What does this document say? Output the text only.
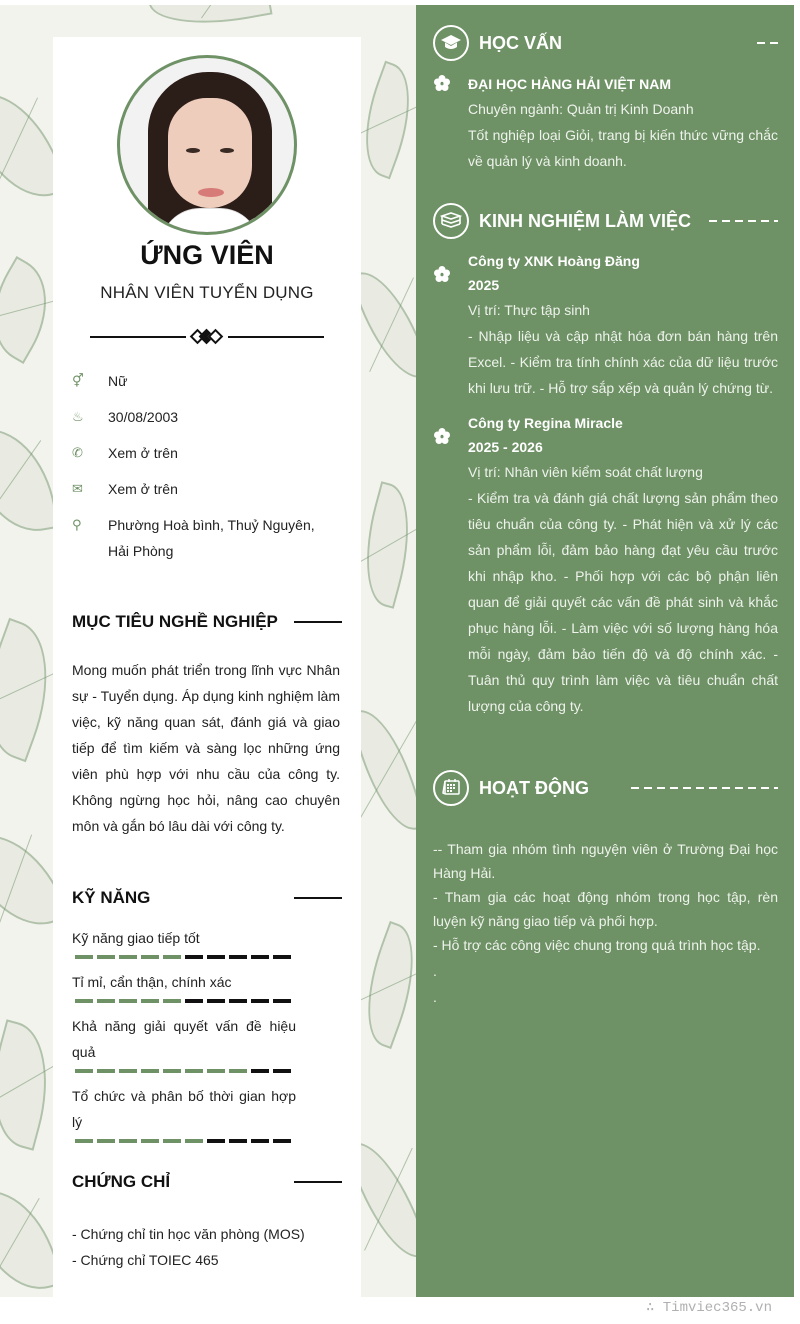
HỌC VẤN
ĐẠI HỌC HÀNG HẢI VIỆT NAM
Chuyên ngành: Quản trị Kinh Doanh
Tốt nghiệp loại Giỏi, trang bị kiến thức vững chắc về quản lý và kinh doanh.
KINH NGHIỆM LÀM VIỆC
Công ty XNK Hoàng Đăng
2025
Vị trí: Thực tập sinh
- Nhập liệu và cập nhật hóa đơn bán hàng trên Excel. - Kiểm tra tính chính xác của dữ liệu trước khi lưu trữ. - Hỗ trợ sắp xếp và quản lý chứng từ.
Công ty Regina Miracle
2025 - 2026
Vị trí: Nhân viên kiểm soát chất lượng
- Kiểm tra và đánh giá chất lượng sản phẩm theo tiêu chuẩn của công ty. - Phát hiện và xử lý các sản phẩm lỗi, đảm bảo hàng đạt yêu cầu trước khi nhập kho. - Phối hợp với các bộ phận liên quan để giải quyết các vấn đề phát sinh và khắc phục hàng lỗi. - Làm việc với số lượng hàng hóa mỗi ngày, đảm bảo tiến độ và độ chính xác. - Tuân thủ quy trình làm việc và tiêu chuẩn chất lượng của công ty.
HOẠT ĐỘNG
-- Tham gia nhóm tình nguyện viên ở Trường Đại học Hàng Hải.
- Tham gia các hoạt động nhóm trong học tập, rèn luyện kỹ năng giao tiếp và phối hợp.
- Hỗ trợ các công việc chung trong quá trình học tập.
.
.
ỨNG VIÊN
NHÂN VIÊN TUYỂN DỤNG
⚥	Nữ
♨	30/08/2003
✆	Xem ở trên
✉	Xem ở trên
⚲	Phường Hoà bình, Thuỷ Nguyên, Hải Phòng
MỤC TIÊU NGHỀ NGHIỆP
Mong muốn phát triển trong lĩnh vực Nhân sự - Tuyển dụng. Áp dụng kinh nghiệm làm việc, kỹ năng quan sát, đánh giá và giao tiếp để tìm kiếm và sàng lọc những ứng viên phù hợp với nhu cầu của công ty. Không ngừng học hỏi, nâng cao chuyên môn và gắn bó lâu dài với công ty.
KỸ NĂNG
Kỹ năng giao tiếp tốt
Tỉ mỉ, cẩn thận, chính xác
Khả năng giải quyết vấn đề hiệu quả
Tổ chức và phân bố thời gian hợp lý
CHỨNG CHỈ
- Chứng chỉ tin học văn phòng (MOS)
- Chứng chỉ TOIEC 465
∴ Timviec365.vn
